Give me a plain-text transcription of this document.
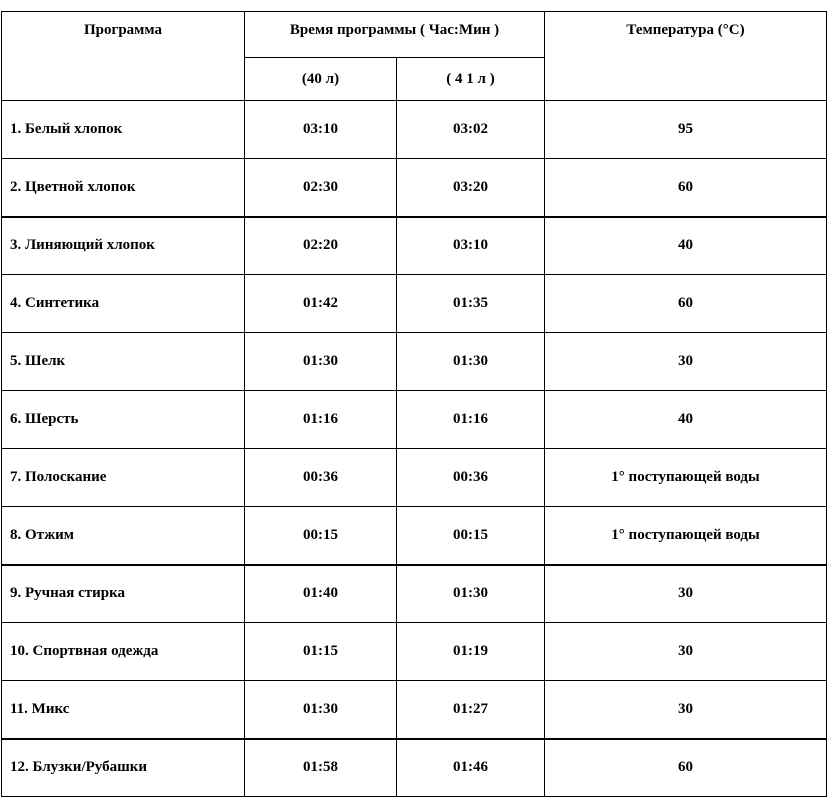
Программа	Время программы ( Час:Мин )		Температура (°C)
	(40 л)	( 4 1 л )	
1. Белый хлопок	03:10	03:02	95
2. Цветной хлопок	02:30	03:20	60
3. Линяющий хлопок	02:20	03:10	40
4. Синтетика	01:42	01:35	60
5. Шелк	01:30	01:30	30
6. Шерсть	01:16	01:16	40
7. Полоскание	00:36	00:36	1° поступающей воды
8. Отжим	00:15	00:15	1° поступающей воды
9. Ручная стирка	01:40	01:30	30
10. Спортвная одежда	01:15	01:19	30
11. Микс	01:30	01:27	30
12. Блузки/Рубашки	01:58	01:46	60
